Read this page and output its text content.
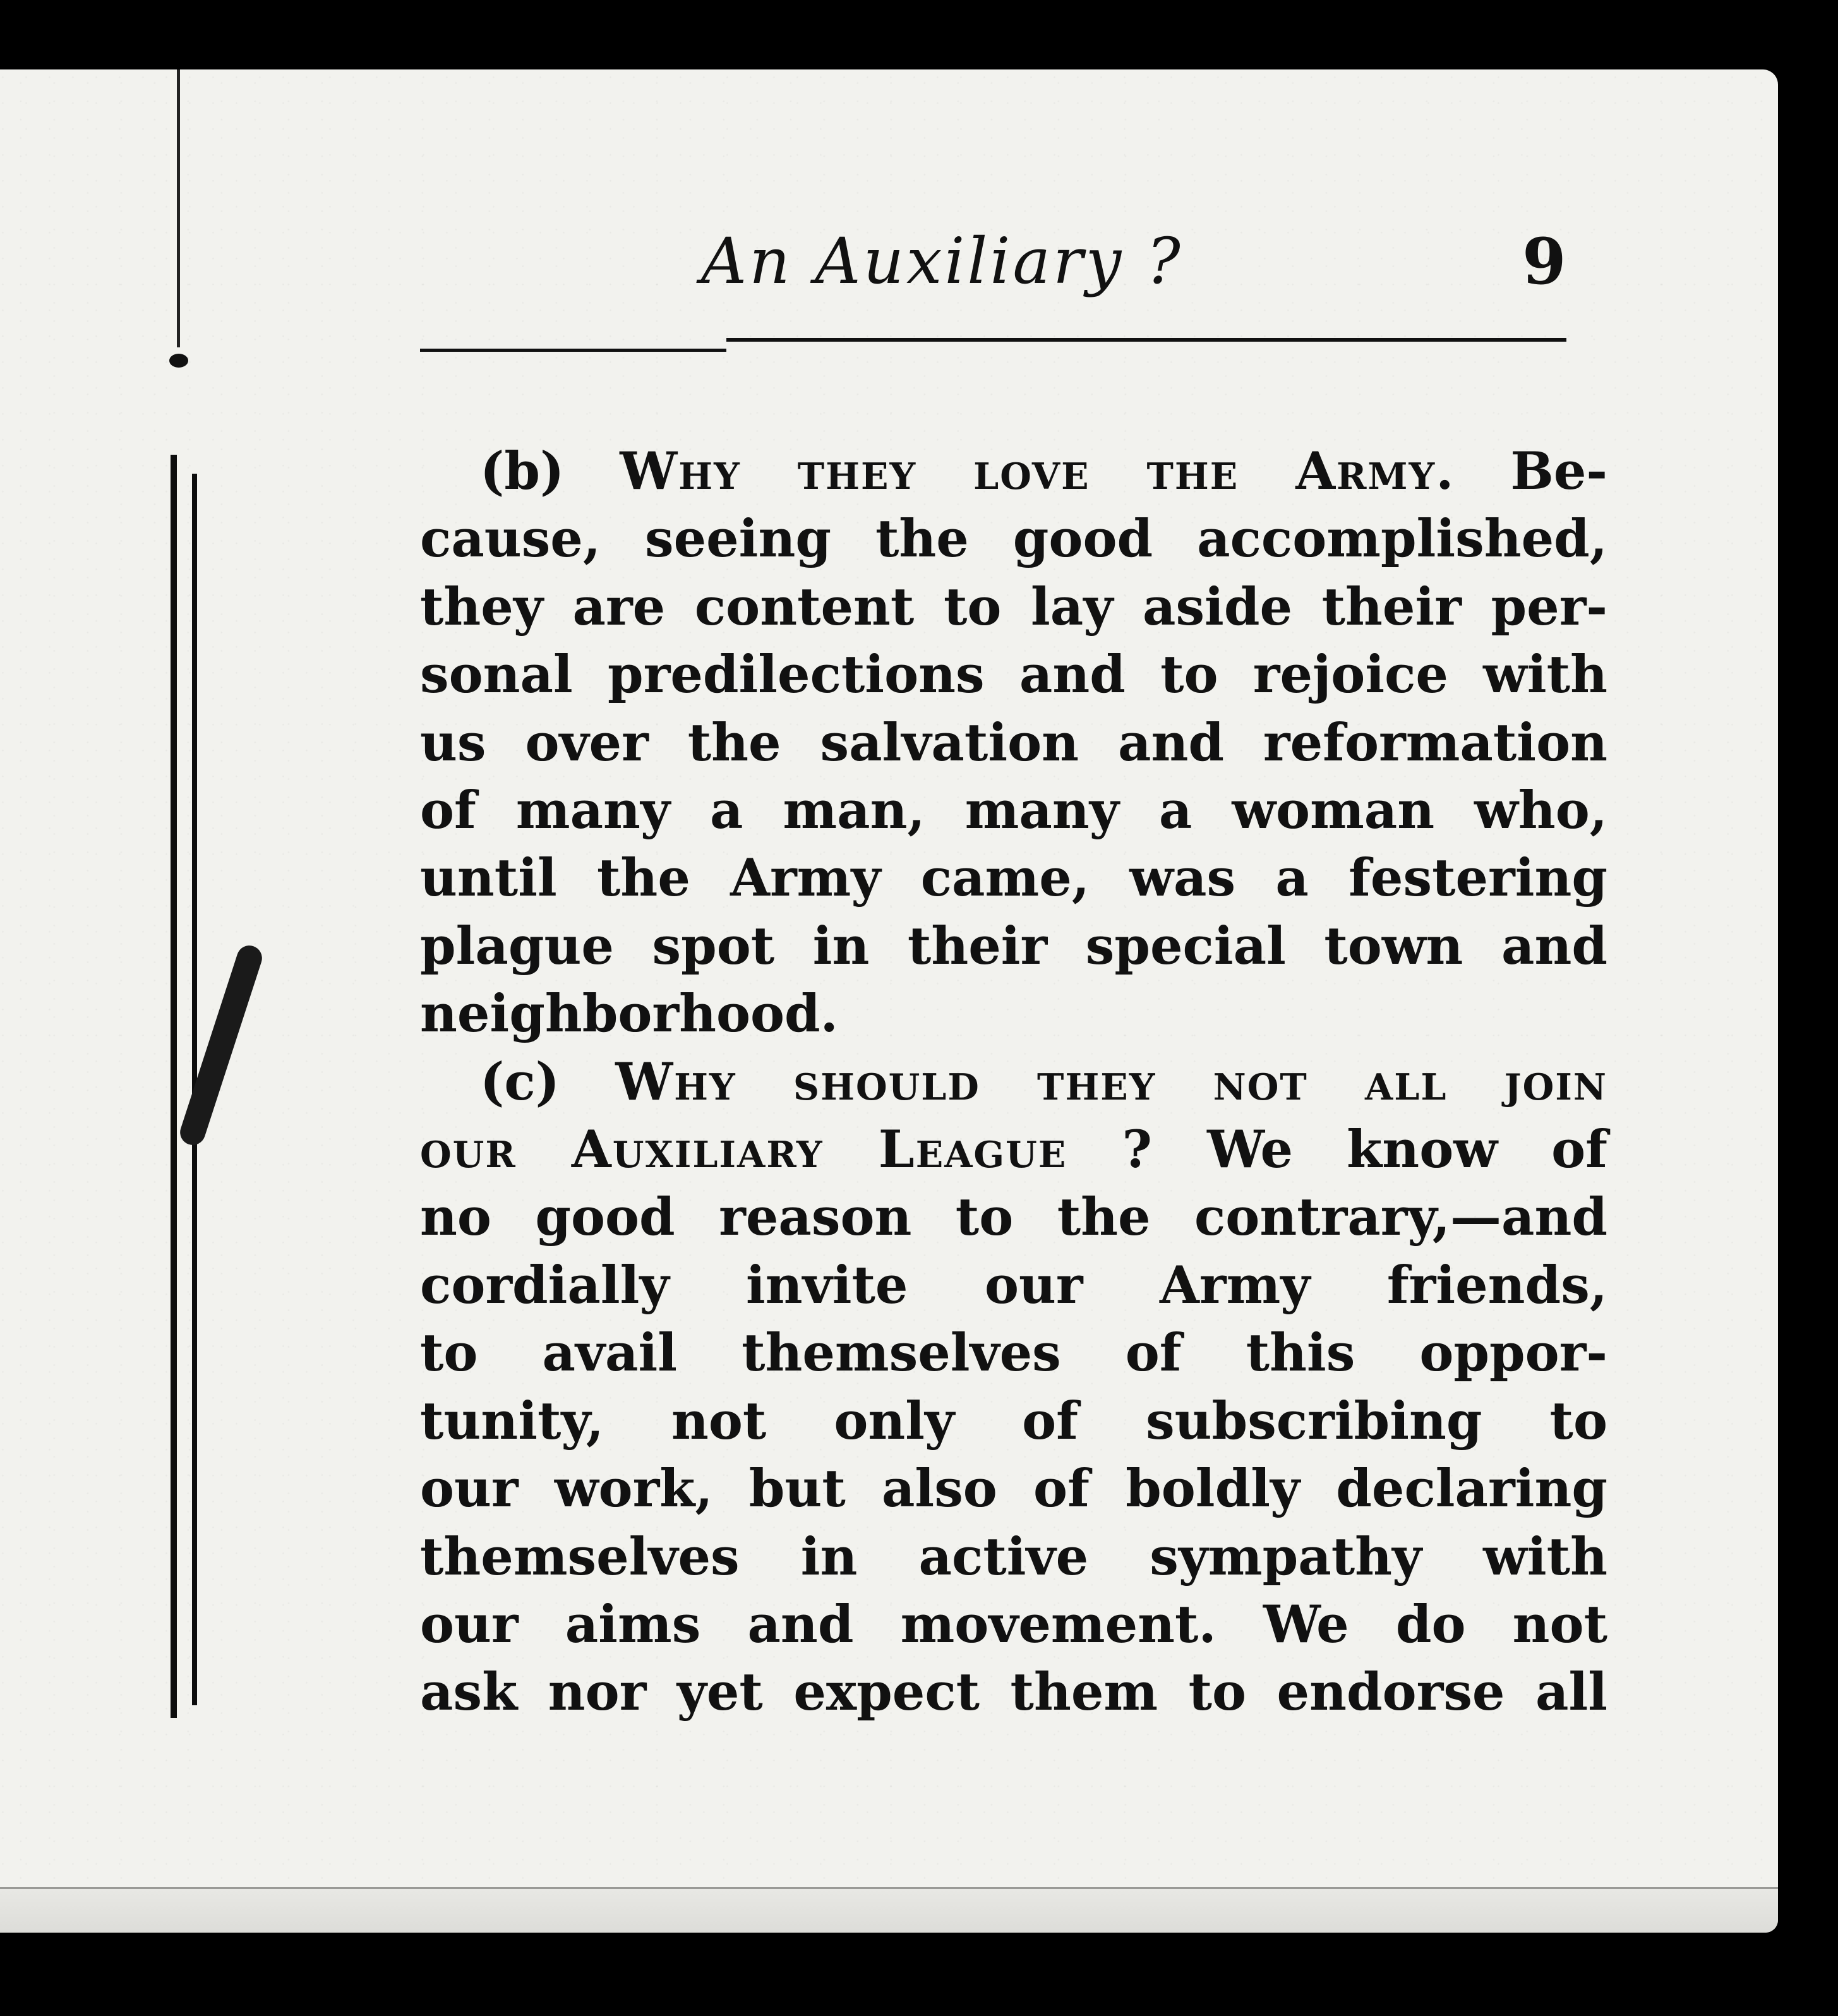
An Auxiliary ?	9
(b) Why they love the Army. Be-
cause, seeing the good accomplished,
they are content to lay aside their per-
sonal predilections and to rejoice with
us over the salvation and reformation
of many a man, many a woman who,
until the Army came, was a festering
plague spot in their special town and
neighborhood.
(c) Why should they not all join
our Auxiliary League ? We know of
no good reason to the contrary,—and
cordially invite our Army friends,
to avail themselves of this oppor-
tunity, not only of subscribing to
our work, but also of boldly declaring
themselves in active sympathy with
our aims and movement. We do not
ask nor yet expect them to endorse all
